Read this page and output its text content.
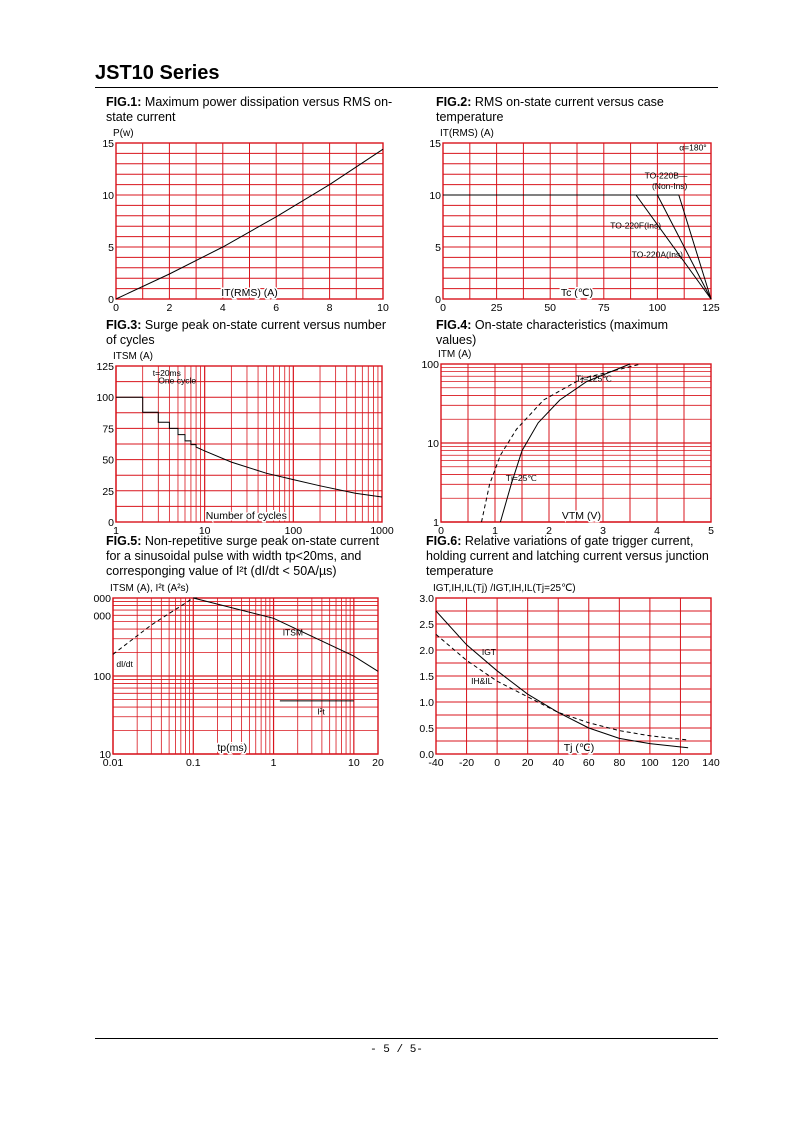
JST10 Series
FIG.1: Maximum power dissipation versus RMS on-state current
FIG.2: RMS on-state current versus case temperature
FIG.3: Surge peak on-state current versus number of cycles
FIG.4: On-state characteristics (maximum values)
FIG.5: Non-repetitive surge peak on-state current for a sinusoidal pulse with width tp<20ms, and corresponging value of I²t (dI/dt < 50A/µs)
FIG.6: Relative variations of gate trigger current, holding current and latching current versus junction temperature
0	2	4	6	8	10
0
5
10
15
P(w)
IT(RMS) (A)
0	25	50	75	100	125
0
5
10
15
IT(RMS) (A)
Tc (℃)
α=180°
TO-220B—
(Non-Ins)
TO-220F(Ins)
TO-220A(Ins)
1	10	100	1000
0
25
50
75
100
125
ITSM (A)
Number of cycles
t=20ms
One cycle
0	1	2	3	4	5
1
10
100
ITM (A)
VTM (V)
Tj=125℃
Tj=25℃
0.01	0.1	1	10 20
10
100
000
000
ITSM (A), I²t (A²s)
tp(ms)
ITSM
dI/dt
I²t
-40 -20 0 20 40 60 80 100 120 140
0.0
0.5
1.0
1.5
2.0
2.5
3.0
IGT,IH,IL(Tj) /IGT,IH,IL(Tj=25℃)
Tj (℃)
IGT
IH&IL
- 5 / 5-
